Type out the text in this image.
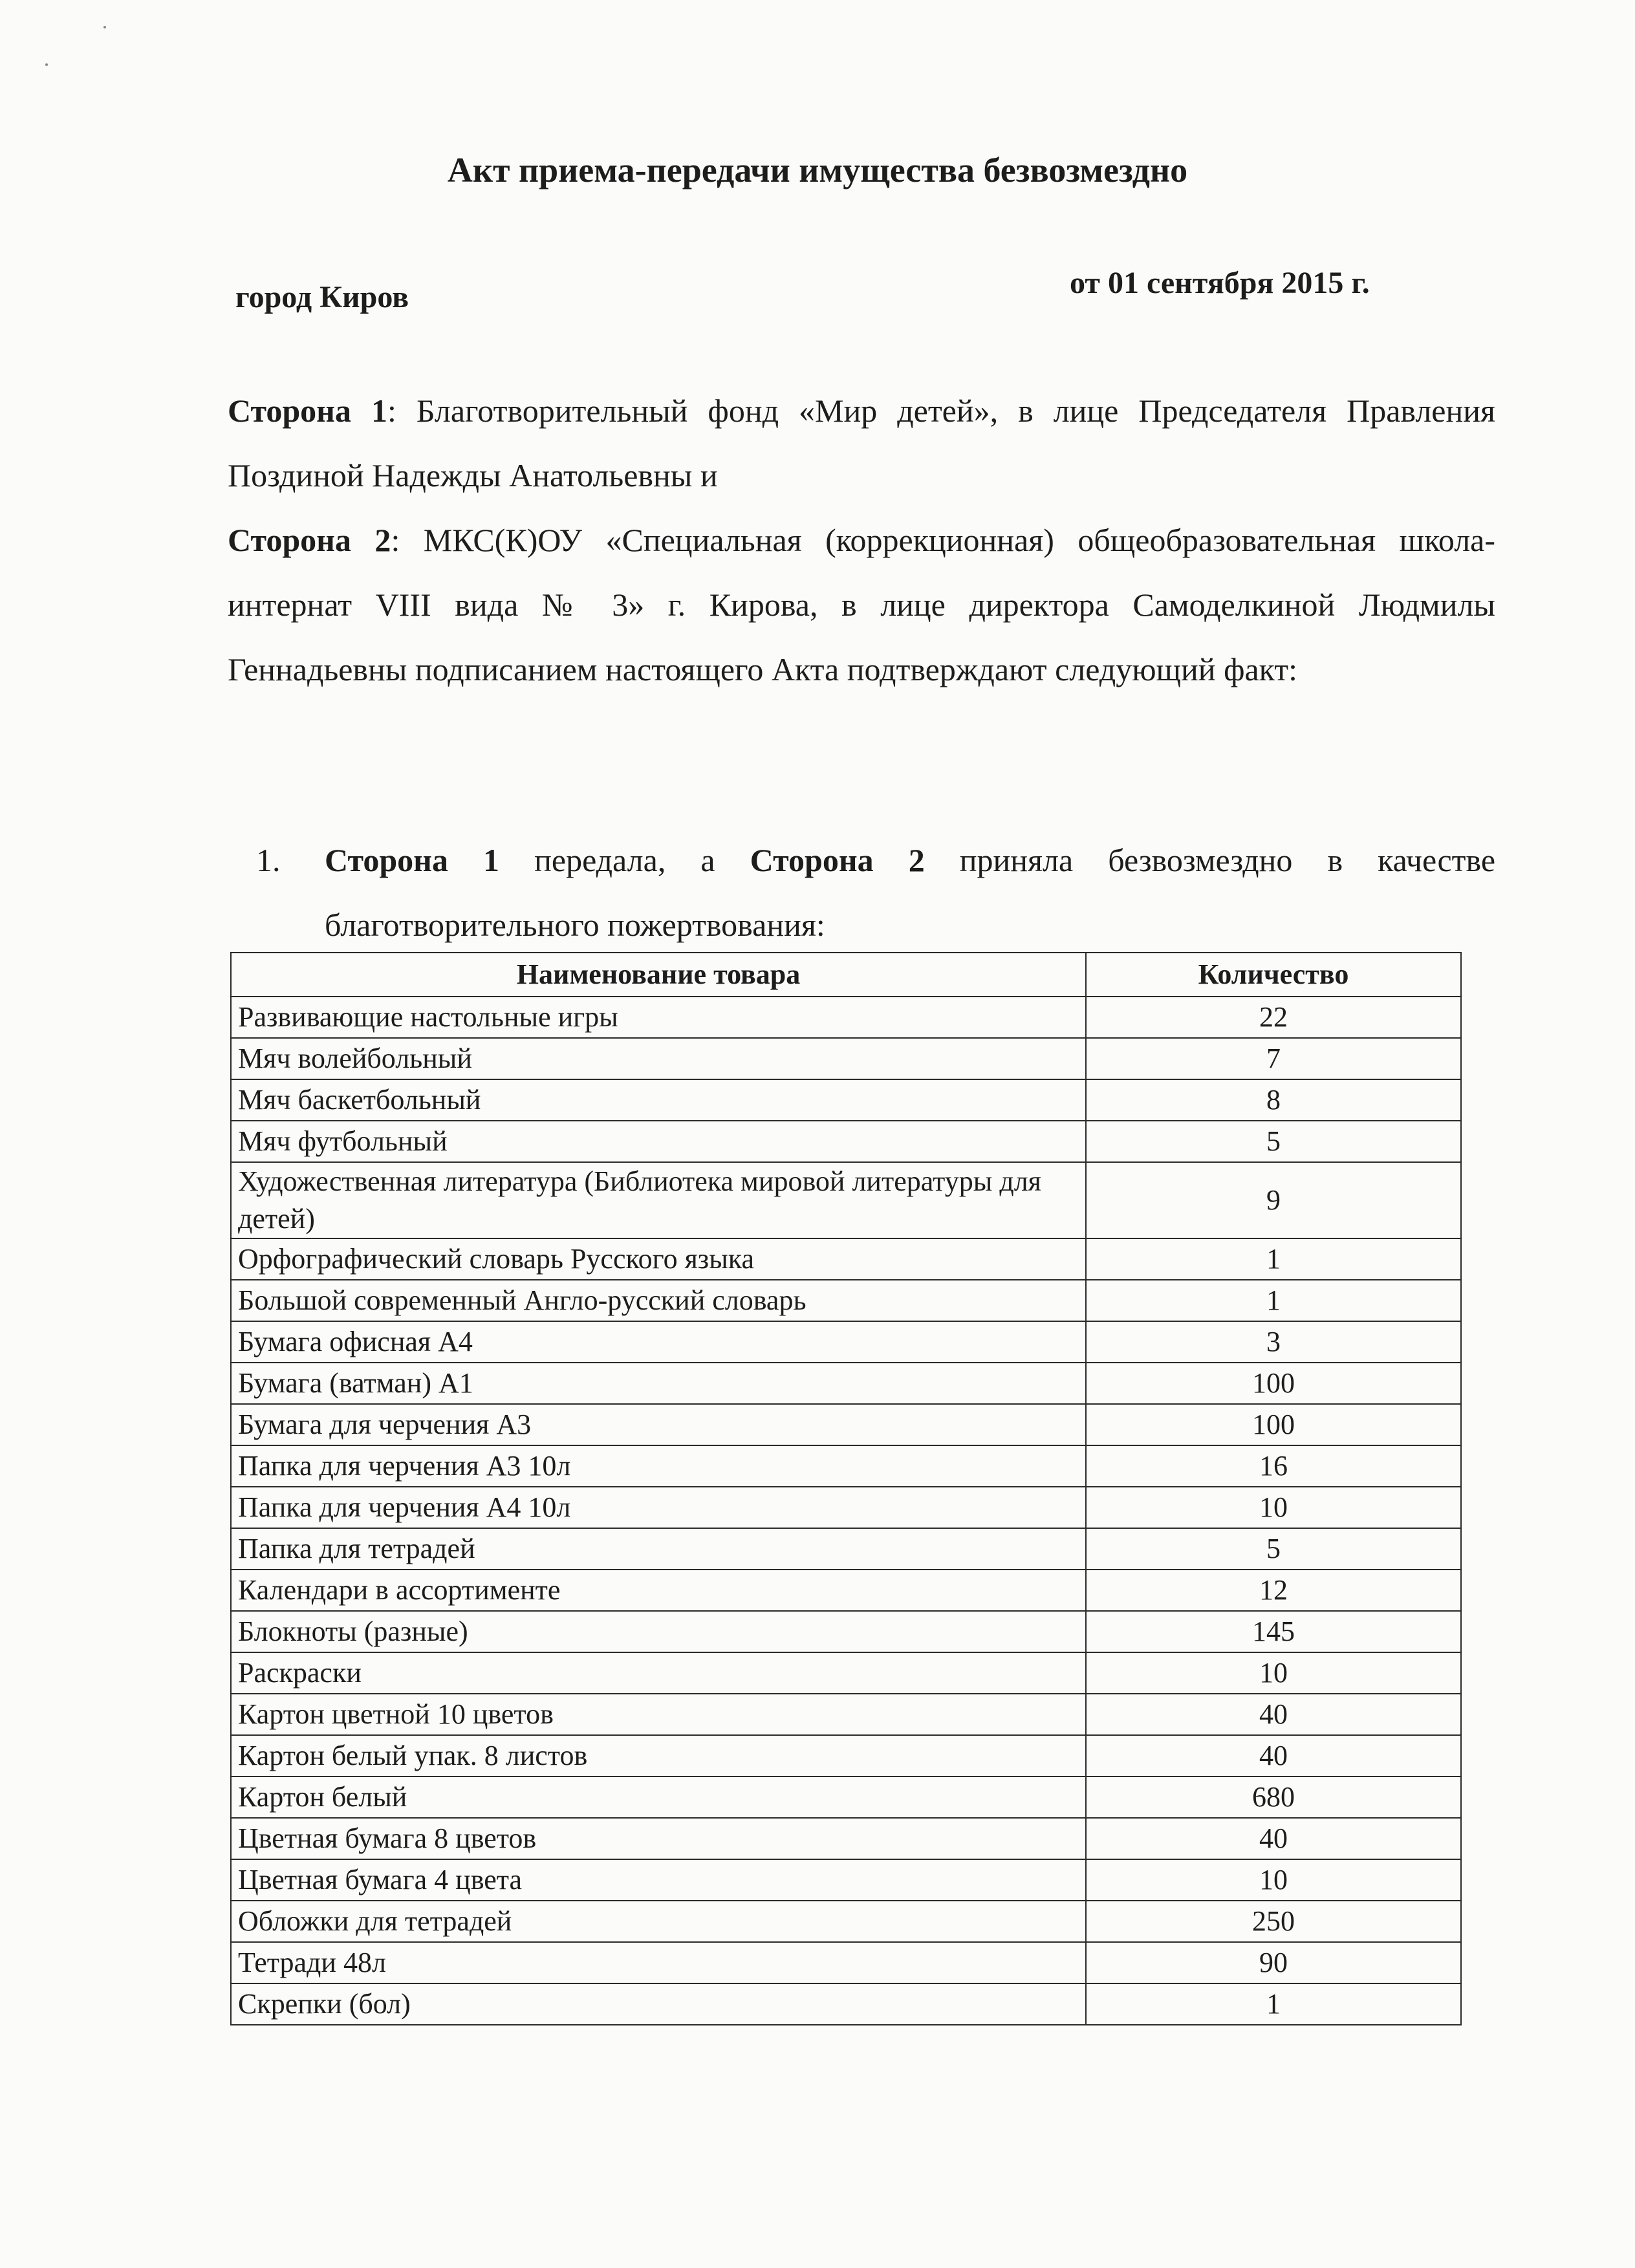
Акт приема-передачи имущества безвозмездно
город Киров	от 01 сентября 2015 г.

Сторона 1: Благотворительный фонд «Мир детей», в лице Председателя Правления Поздиной Надежды Анатольевны и

Сторона 2: МКС(К)ОУ «Специальная (коррекционная) общеобразовательная школа-интернат VIII вида № 3» г. Кирова, в лице директора Самоделкиной Людмилы Геннадьевны подписанием настоящего Акта подтверждают следующий факт:

1. Сторона 1 передала, а Сторона 2 приняла безвозмездно в качестве благотворительного пожертвования:
Наименование товара	Количество
Развивающие настольные игры	22
Мяч волейбольный	7
Мяч баскетбольный	8
Мяч футбольный	5
Художественная литература (Библиотека мировой литературы для детей)	9
Орфографический словарь Русского языка	1
Большой современный Англо-русский словарь	1
Бумага офисная А4	3
Бумага (ватман) А1	100
Бумага для черчения А3	100
Папка для черчения А3 10л	16
Папка для черчения А4 10л	10
Папка для тетрадей	5
Календари в ассортименте	12
Блокноты (разные)	145
Раскраски	10
Картон цветной 10 цветов	40
Картон белый упак. 8 листов	40
Картон белый	680
Цветная бумага 8 цветов	40
Цветная бумага 4 цвета	10
Обложки для тетрадей	250
Тетради 48л	90
Скрепки (бол)	1
